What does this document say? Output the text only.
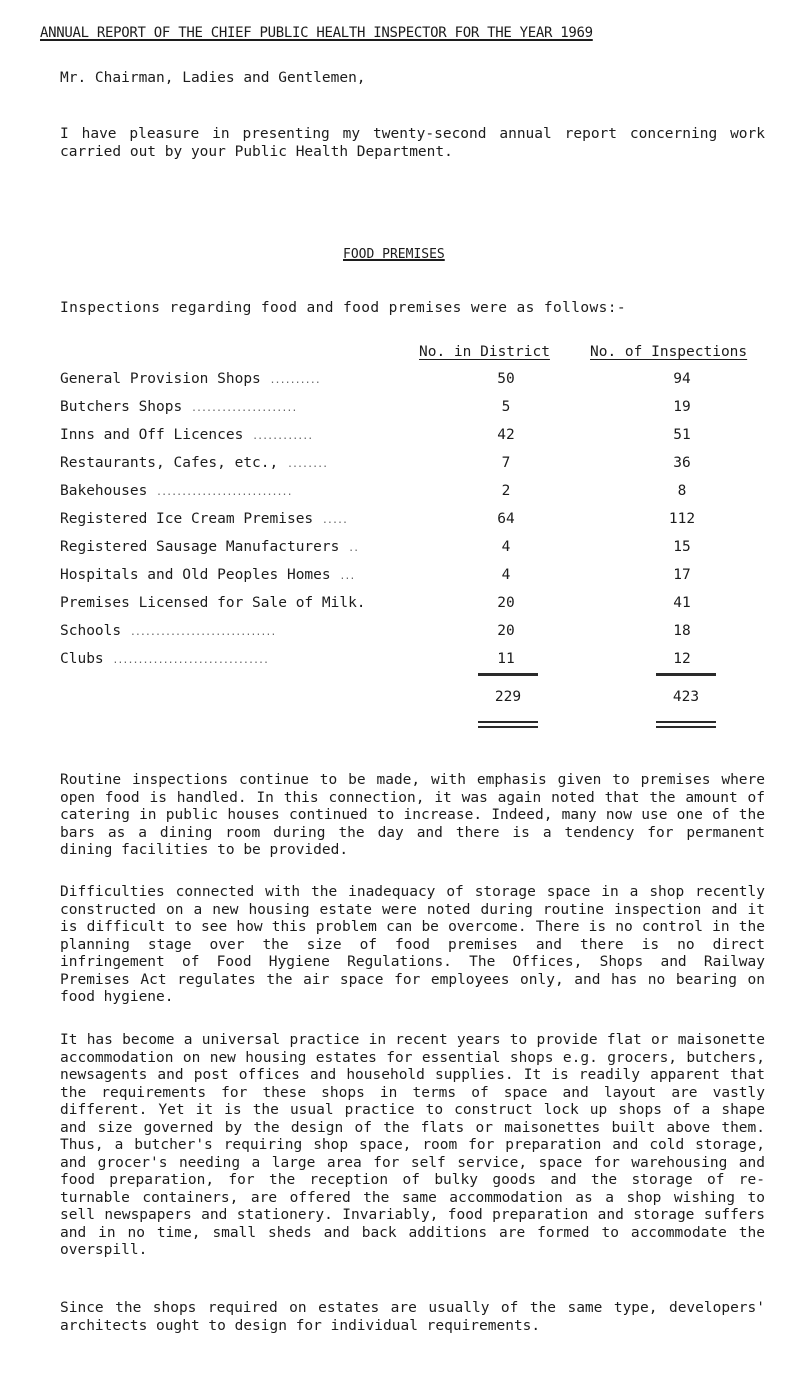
ANNUAL REPORT OF THE CHIEF PUBLIC HEALTH INSPECTOR FOR THE YEAR 1969
Mr. Chairman, Ladies and Gentlemen,
I have pleasure in presenting my twenty-second annual report concerning work carried out by your Public Health Department.
FOOD PREMISES
Inspections regarding food and food premises were as follows:-
No. in District	No. of Inspections
General Provision Shops ..........	50	94
Butchers Shops .....................	5	19
Inns and Off Licences ............	42	51
Restaurants, Cafes, etc., ........	7	36
Bakehouses ...........................	2	8
Registered Ice Cream Premises .....	64	112
Registered Sausage Manufacturers ..	4	15
Hospitals and Old Peoples Homes ...	4	17
Premises Licensed for Sale of Milk.	20	41
Schools .............................	20	18
Clubs ...............................	11	12
229	423
Routine inspections continue to be made, with emphasis given to premises where open food is handled. In this connection, it was again noted that the amount of catering in public houses continued to increase. Indeed, many now use one of the bars as a dining room during the day and there is a tendency for permanent dining facilities to be provided.
Difficulties connected with the inadequacy of storage space in a shop recently constructed on a new housing estate were noted during routine inspection and it is difficult to see how this problem can be overcome. There is no control in the planning stage over the size of food premises and there is no direct infringement of Food Hygiene Regulations. The Offices, Shops and Railway Premises Act regulates the air space for employees only, and has no bearing on food hygiene.
It has become a universal practice in recent years to provide flat or maisonette accommodation on new housing estates for essential shops e.g. grocers, butchers, newsagents and post offices and household supplies. It is readily apparent that the requirements for these shops in terms of space and layout are vastly different. Yet it is the usual practice to construct lock up shops of a shape and size governed by the design of the flats or maisonettes built above them. Thus, a butcher's requiring shop space, room for preparation and cold storage, and grocer's needing a large area for self service, space for warehousing and food preparation, for the reception of bulky goods and the storage of re-turnable containers, are offered the same accommodation as a shop wishing to sell newspapers and stationery. Invariably, food preparation and storage suffers and in no time, small sheds and back additions are formed to accommodate the overspill.
Since the shops required on estates are usually of the same type, developers' architects ought to design for individual requirements.
